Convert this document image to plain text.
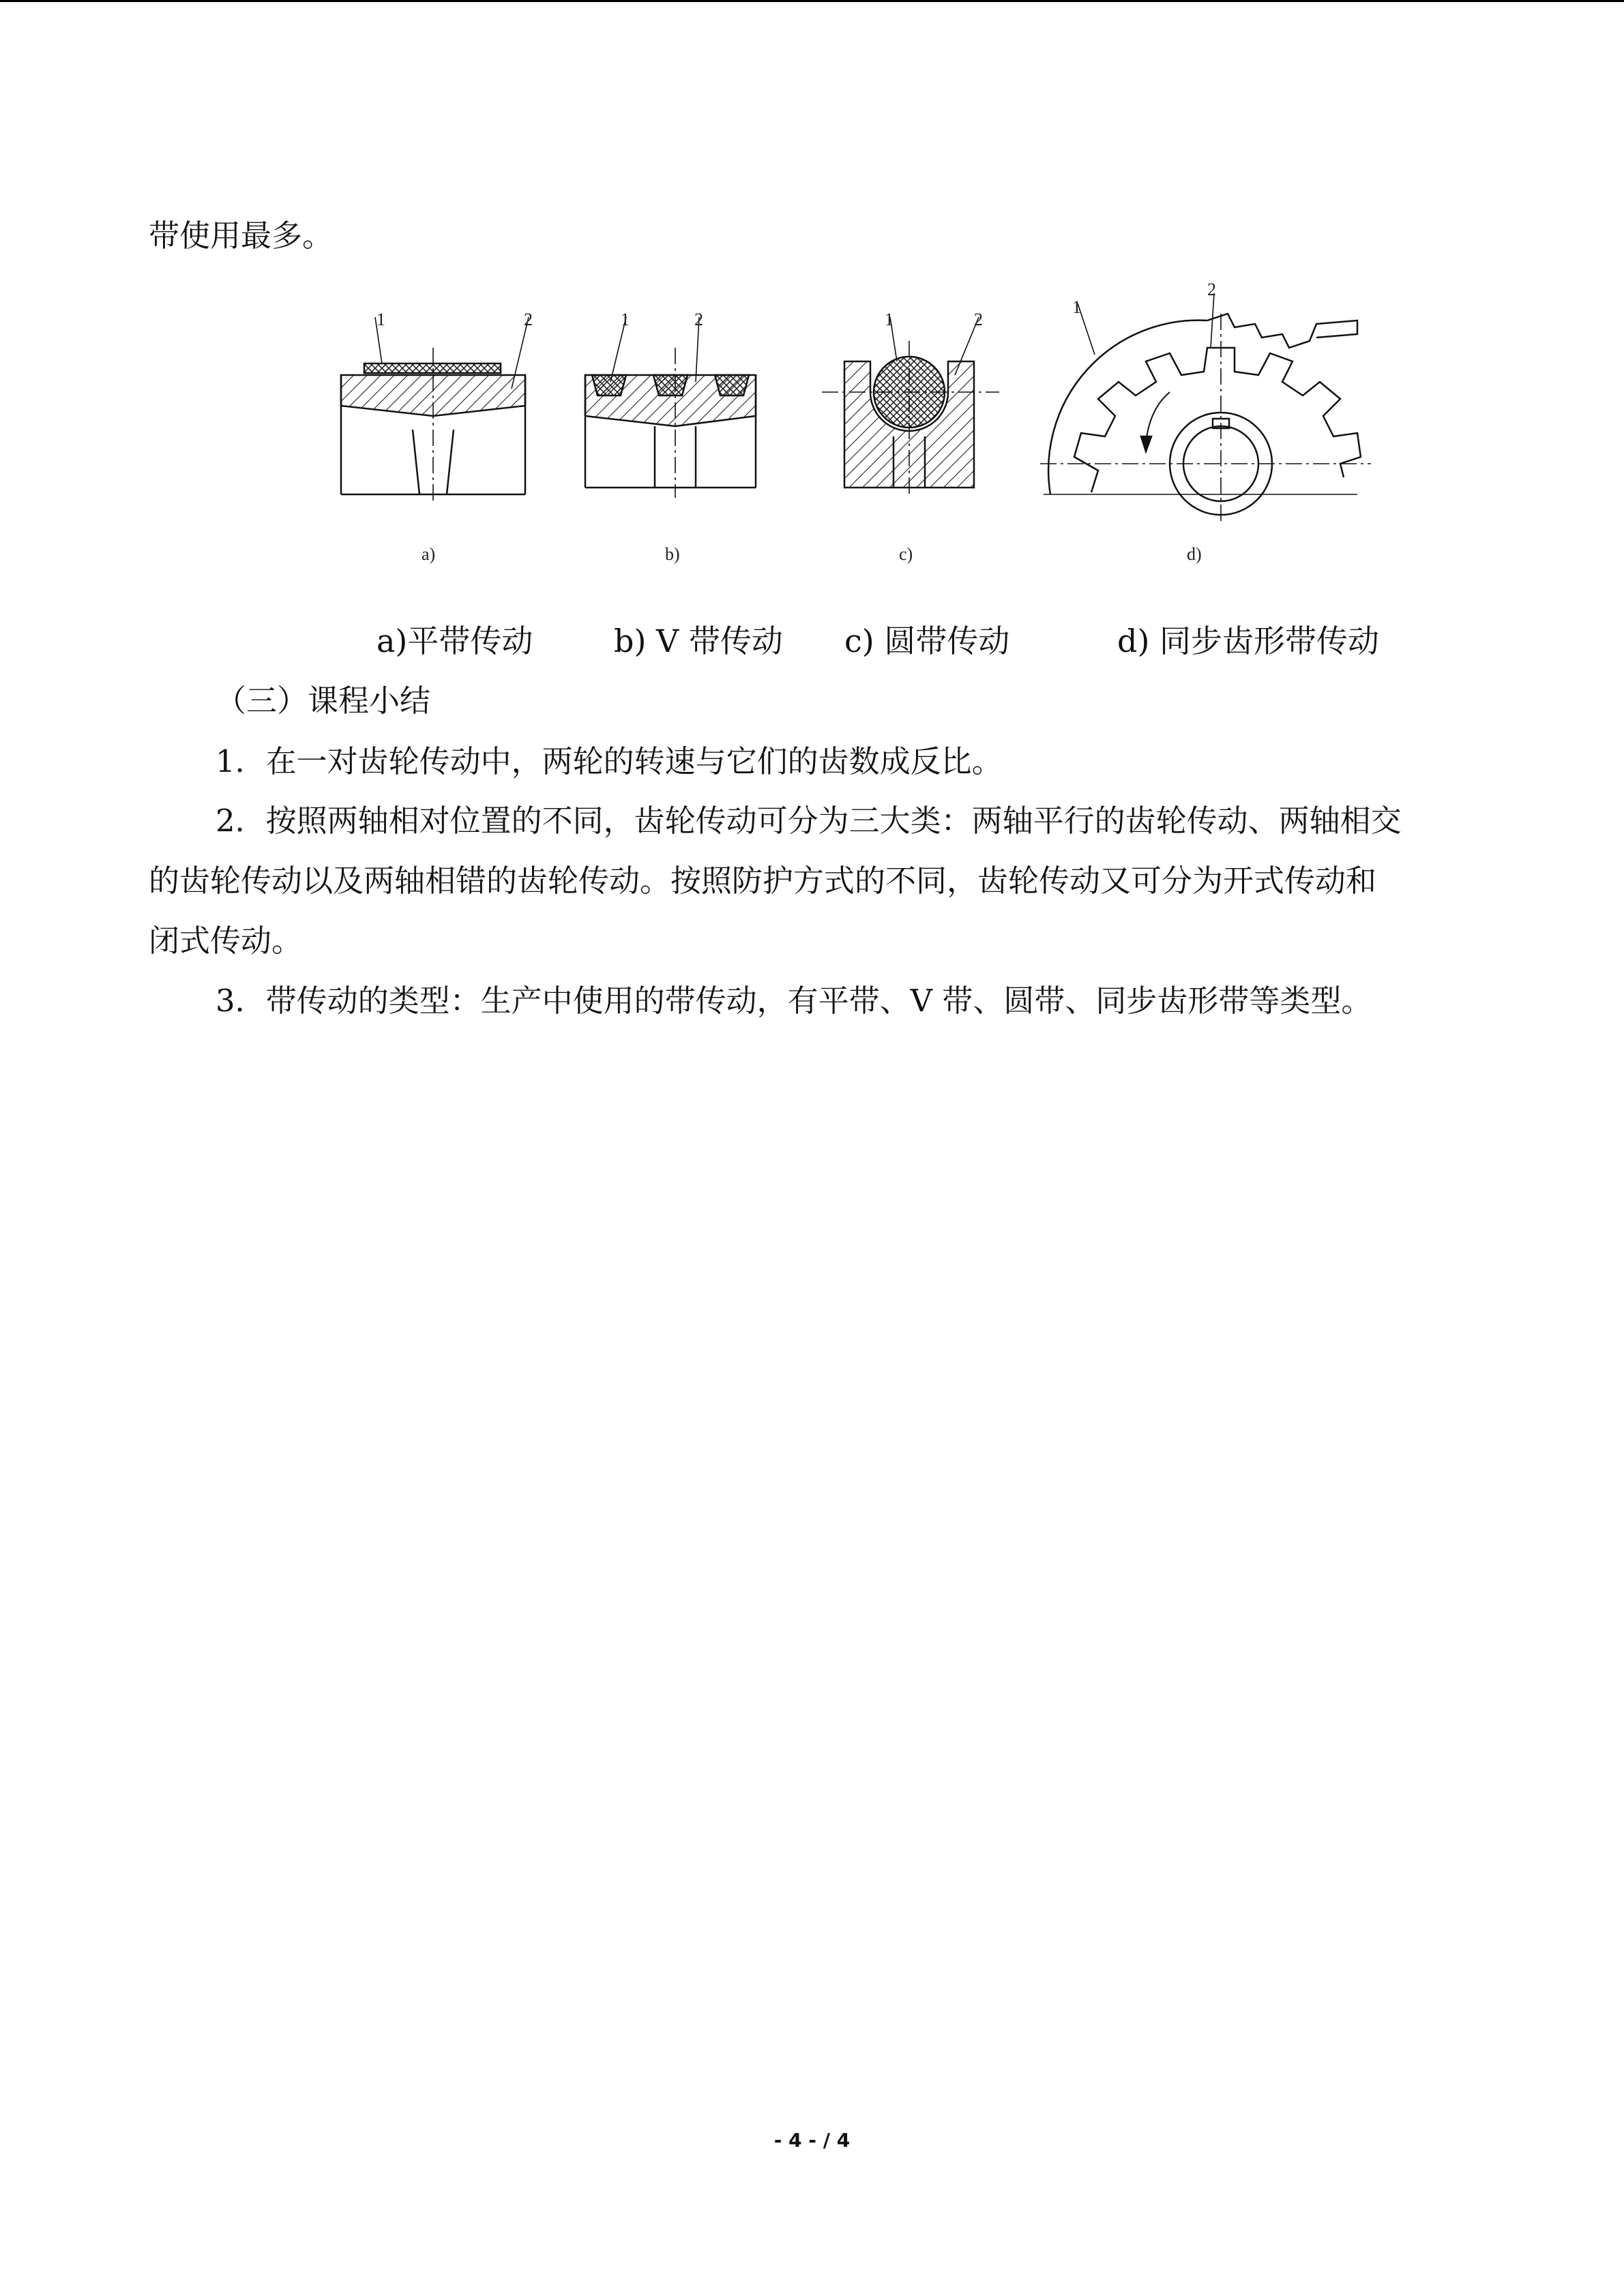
带使用最多。
1	2	1	2	1	2
1
2
a)	b)	c)	d)
a)平带传动	b) V 带传动 c) 圆带传动	d) 同步齿形带传动
（三）课程小结
1．在一对齿轮传动中，两轮的转速与它们的齿数成反比。
2．按照两轴相对位置的不同，齿轮传动可分为三大类：两轴平行的齿轮传动、两轴相交
的齿轮传动以及两轴相错的齿轮传动。按照防护方式的不同，齿轮传动又可分为开式传动和
闭式传动。
3．带传动的类型：生产中使用的带传动，有平带、V 带、圆带、同步齿形带等类型。
- 4 - / 4
